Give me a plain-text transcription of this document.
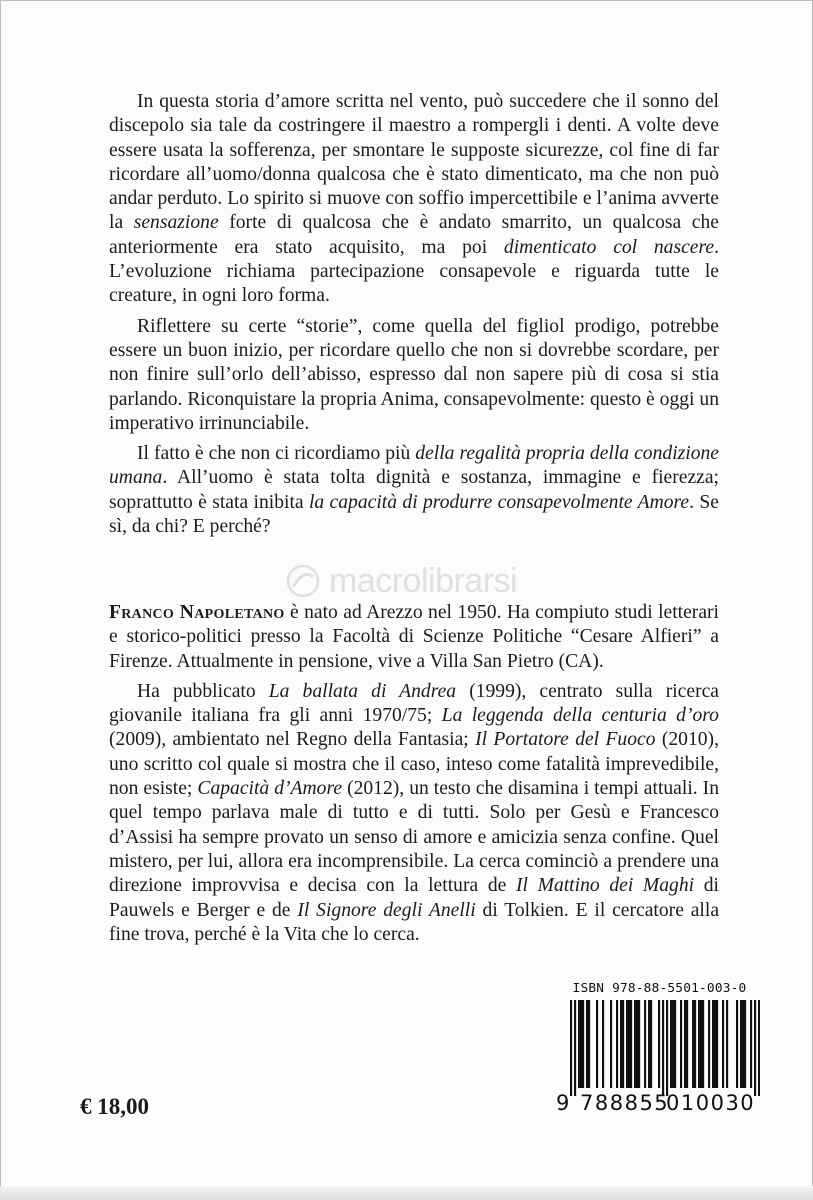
In questa storia d’amore scritta nel vento, può succedere che il sonno del discepolo sia tale da costringere il maestro a rompergli i denti. A volte deve essere usata la sofferenza, per smontare le supposte sicurezze, col fine di far ricordare all’uomo/donna qualcosa che è stato dimenticato, ma che non può andar perduto. Lo spirito si muove con soffio impercettibile e l’anima avverte la sensazione forte di qualcosa che è andato smarrito, un qualcosa che anteriormente era stato acquisito, ma poi dimenticato col nascere. L’evoluzione richiama partecipazione consapevole e riguarda tutte le creature, in ogni loro forma.

Riflettere su certe “storie”, come quella del figliol prodigo, potrebbe essere un buon inizio, per ricordare quello che non si dovrebbe scordare, per non finire sull’orlo dell’abisso, espresso dal non sapere più di cosa si stia parlando. Riconquistare la propria Anima, consapevolmente: questo è oggi un imperativo irrinunciabile.

Il fatto è che non ci ricordiamo più della regalità propria della condizione umana. All’uomo è stata tolta dignità e sostanza, immagine e fierezza; soprattutto è stata inibita la capacità di produrre consapevolmente Amore. Se sì, da chi? E perché?

macrolibrarsi

Franco Napoletano è nato ad Arezzo nel 1950. Ha compiuto studi letterari e storico-politici presso la Facoltà di Scienze Politiche “Cesare Alfieri” a Firenze. Attualmente in pensione, vive a Villa San Pietro (CA).

Ha pubblicato La ballata di Andrea (1999), centrato sulla ricerca giovanile italiana fra gli anni 1970/75; La leggenda della centuria d’oro (2009), ambientato nel Regno della Fantasia; Il Portatore del Fuoco (2010), uno scritto col quale si mostra che il caso, inteso come fatalità imprevedibile, non esiste; Capacità d’Amore (2012), un testo che disamina i tempi attuali. In quel tempo parlava male di tutto e di tutti. Solo per Gesù e Francesco d’Assisi ha sempre provato un senso di amore e amicizia senza confine. Quel mistero, per lui, allora era incomprensibile. La cerca cominciò a prendere una direzione improvvisa e decisa con la lettura de Il Mattino dei Maghi di Pauwels e Berger e de Il Signore degli Anelli di Tolkien. E il cercatore alla fine trova, perché è la Vita che lo cerca.

ISBN 978-88-5501-003-0
9 788855
010030
€ 18,00
